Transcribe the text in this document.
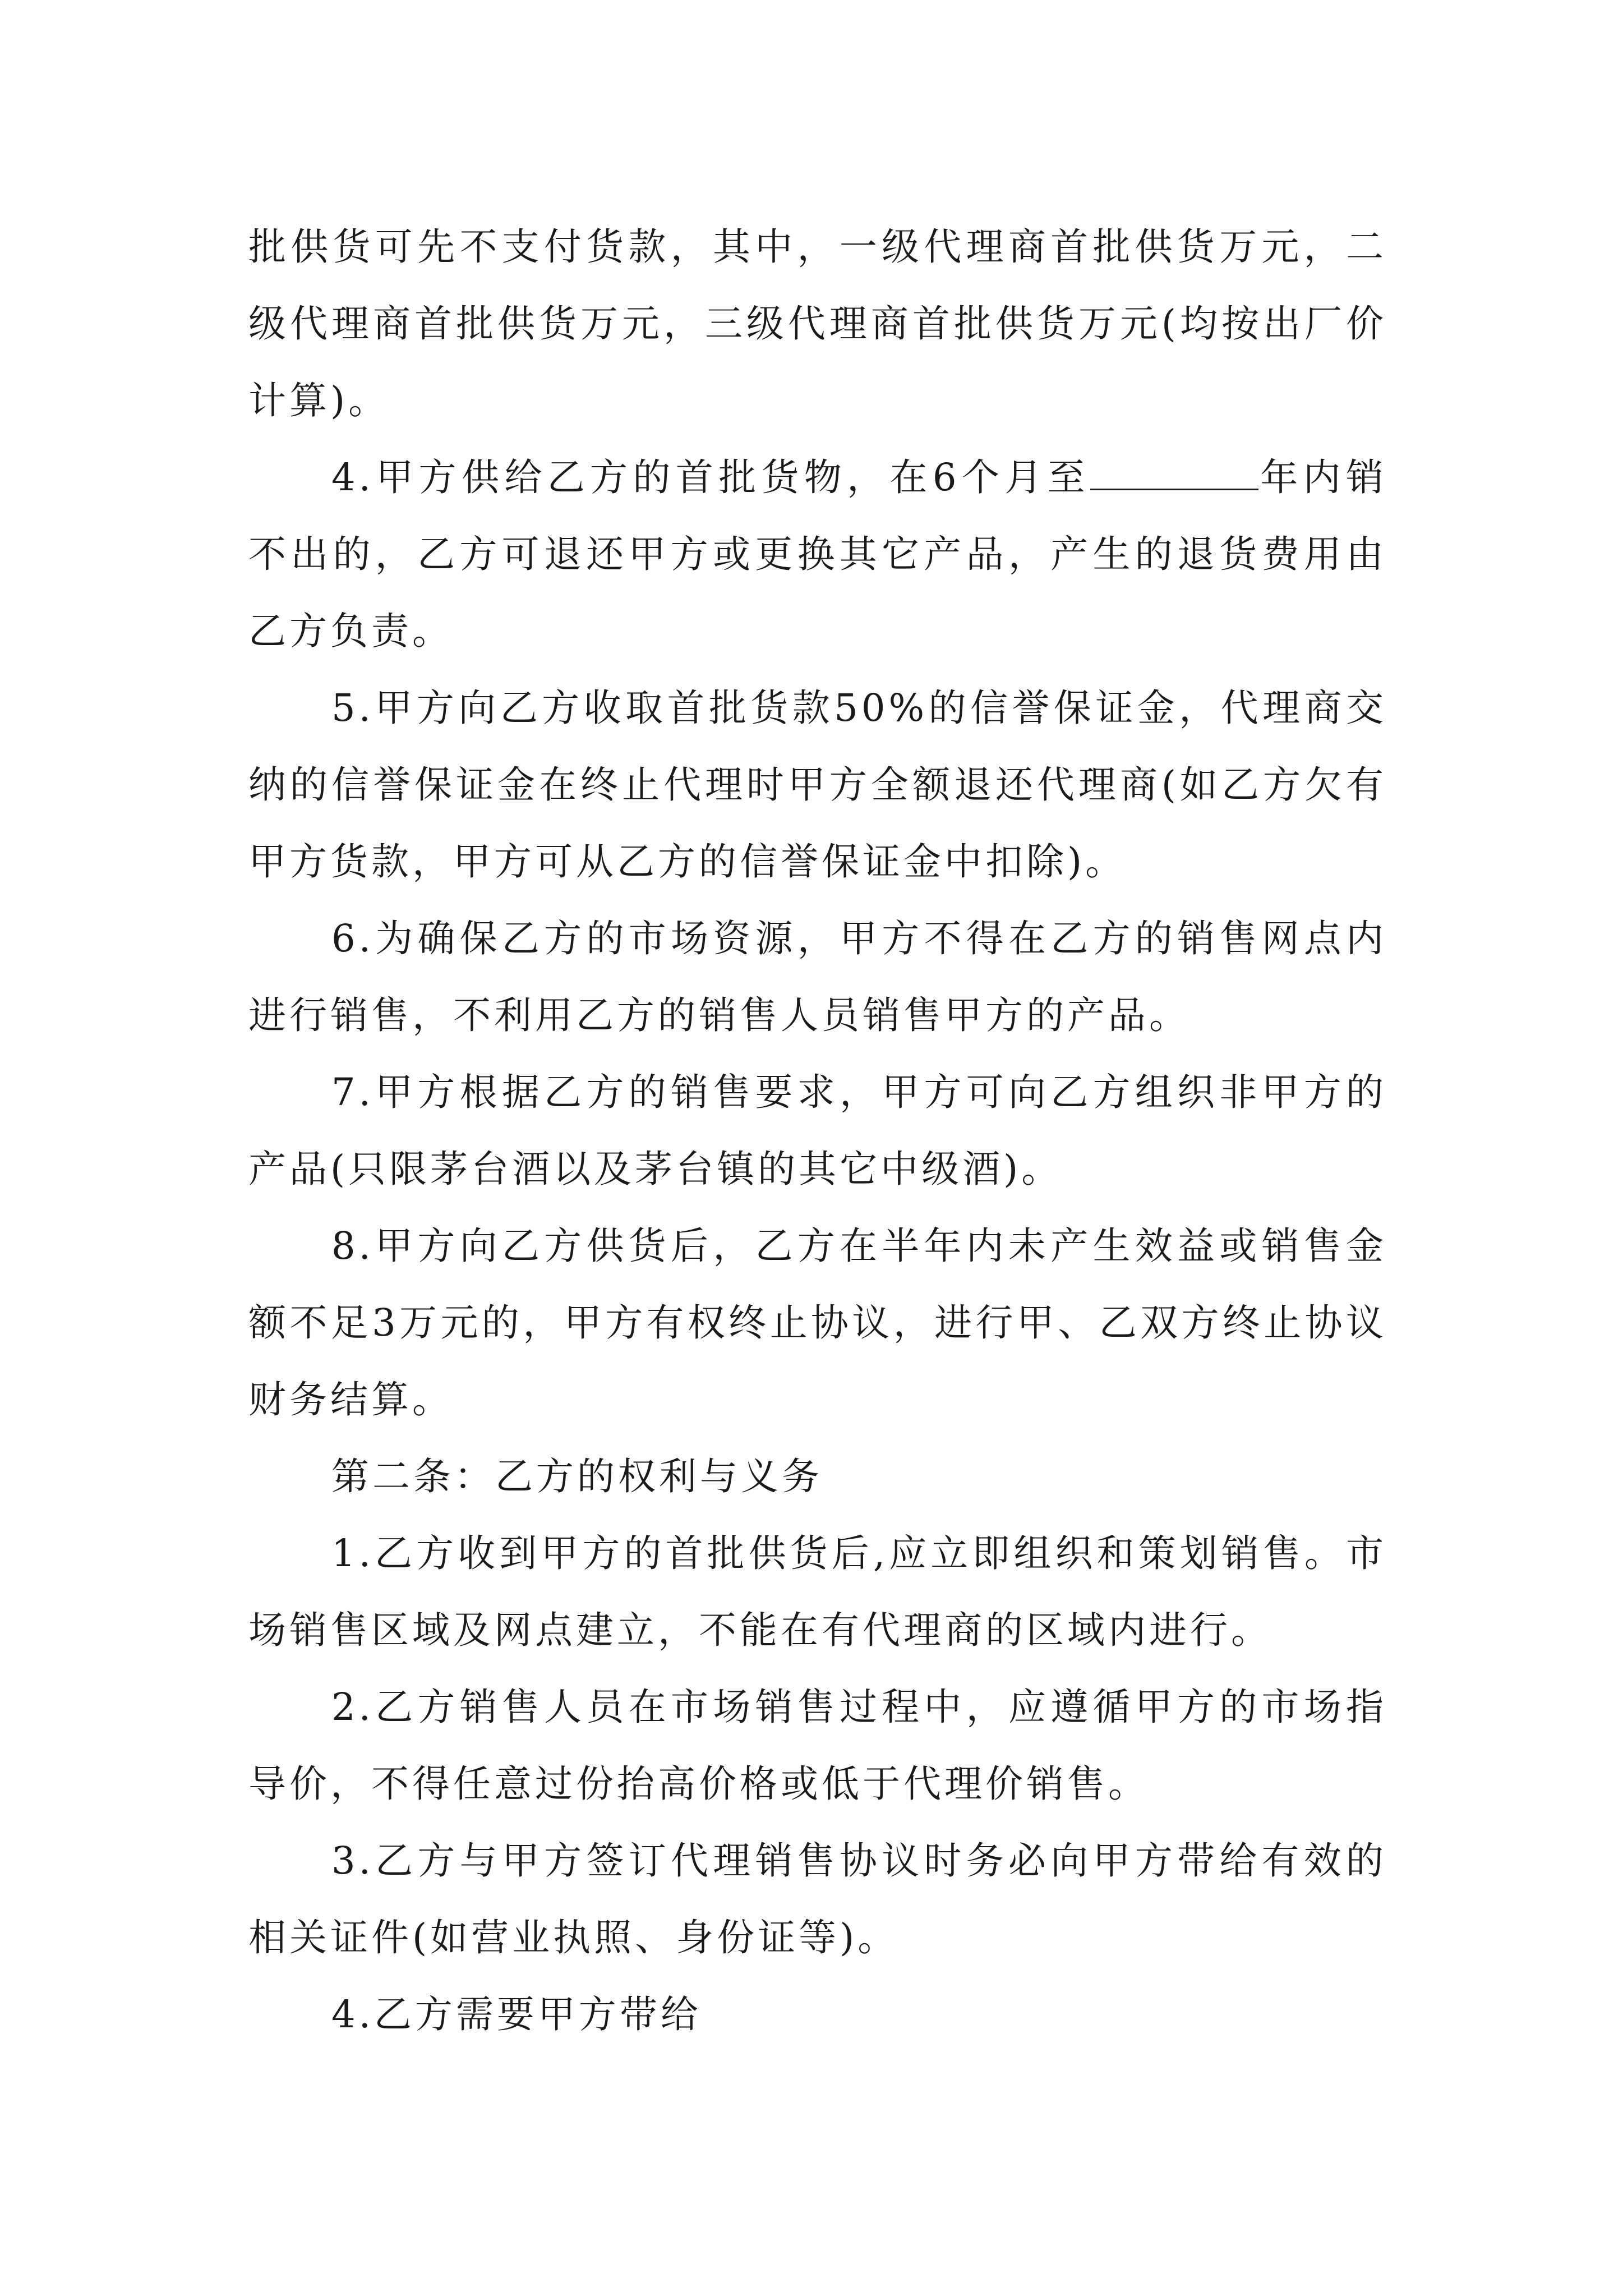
批供货可先不支付货款，其中，一级代理商首批供货万元，二级代理商首批供货万元，三级代理商首批供货万元(均按出厂价计算)。

4.甲方供给乙方的首批货物，在6个月至	年内销不出的，乙方可退还甲方或更换其它产品，产生的退货费用由乙方负责。

5.甲方向乙方收取首批货款50%的信誉保证金，代理商交纳的信誉保证金在终止代理时甲方全额退还代理商(如乙方欠有甲方货款，甲方可从乙方的信誉保证金中扣除)。

6.为确保乙方的市场资源，甲方不得在乙方的销售网点内进行销售，不利用乙方的销售人员销售甲方的产品。

7.甲方根据乙方的销售要求，甲方可向乙方组织非甲方的产品(只限茅台酒以及茅台镇的其它中级酒)。

8.甲方向乙方供货后，乙方在半年内未产生效益或销售金额不足3万元的，甲方有权终止协议，进行甲、乙双方终止协议财务结算。

第二条：乙方的权利与义务

1.乙方收到甲方的首批供货后,应立即组织和策划销售。市场销售区域及网点建立，不能在有代理商的区域内进行。

2.乙方销售人员在市场销售过程中，应遵循甲方的市场指导价，不得任意过份抬高价格或低于代理价销售。

3.乙方与甲方签订代理销售协议时务必向甲方带给有效的相关证件(如营业执照、身份证等)。

4.乙方需要甲方带给
